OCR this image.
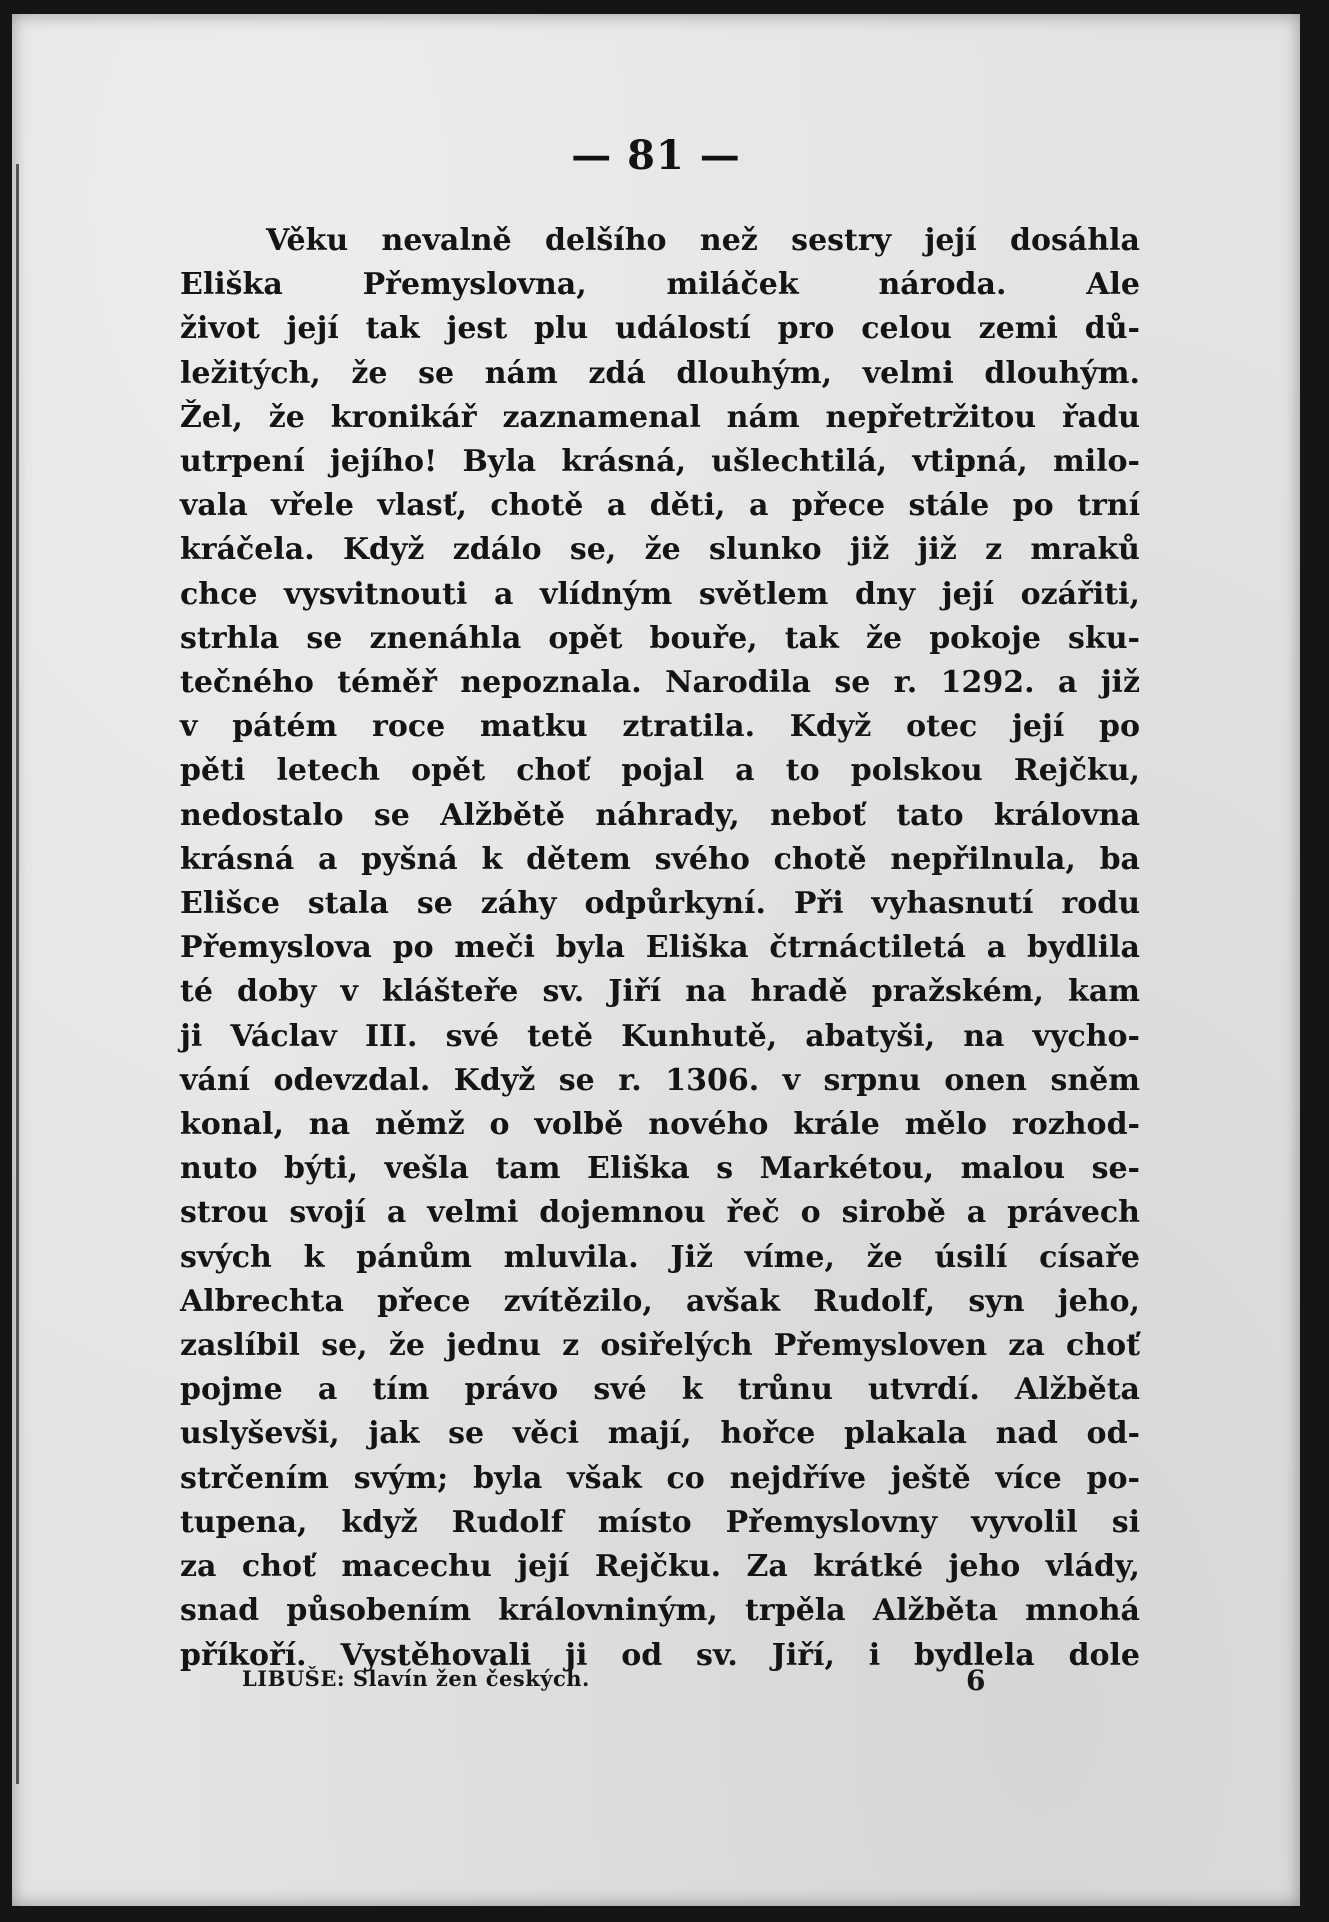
— 81 —
Věku nevalně delšího než sestry její dosáhla
Eliška Přemyslovna, miláček národa. Ale
život její tak jest plu událostí pro celou zemi dů-
ležitých, že se nám zdá dlouhým, velmi dlouhým.
Žel, že kronikář zaznamenal nám nepřetržitou řadu
utrpení jejího! Byla krásná, ušlechtilá, vtipná, milo-
vala vřele vlasť, chotě a děti, a přece stále po trní
kráčela. Když zdálo se, že slunko již již z mraků
chce vysvitnouti a vlídným světlem dny její ozářiti,
strhla se znenáhla opět bouře, tak že pokoje sku-
tečného téměř nepoznala. Narodila se r. 1292. a již
v pátém roce matku ztratila. Když otec její po
pěti letech opět choť pojal a to polskou Rejčku,
nedostalo se Alžbětě náhrady, neboť tato královna
krásná a pyšná k dětem svého chotě nepřilnula, ba
Elišce stala se záhy odpůrkyní. Při vyhasnutí rodu
Přemyslova po meči byla Eliška čtrnáctiletá a bydlila
té doby v klášteře sv. Jiří na hradě pražském, kam
ji Václav III. své tetě Kunhutě, abatyši, na vycho-
vání odevzdal. Když se r. 1306. v srpnu onen sněm
konal, na němž o volbě nového krále mělo rozhod-
nuto býti, vešla tam Eliška s Markétou, malou se-
strou svojí a velmi dojemnou řeč o sirobě a právech
svých k pánům mluvila. Již víme, že úsilí císaře
Albrechta přece zvítězilo, avšak Rudolf, syn jeho,
zaslíbil se, že jednu z osiřelých Přemysloven za choť
pojme a tím právo své k trůnu utvrdí. Alžběta
uslyševši, jak se věci mají, hořce plakala nad od-
strčením svým; byla však co nejdříve ještě více po-
tupena, když Rudolf místo Přemyslovny vyvolil si
za choť macechu její Rejčku. Za krátké jeho vlády,
snad působením královniným, trpěla Alžběta mnohá
příkoří. Vystěhovali ji od sv. Jiří, i bydlela dole
LIBUŠE: Slavín žen českých.	6
